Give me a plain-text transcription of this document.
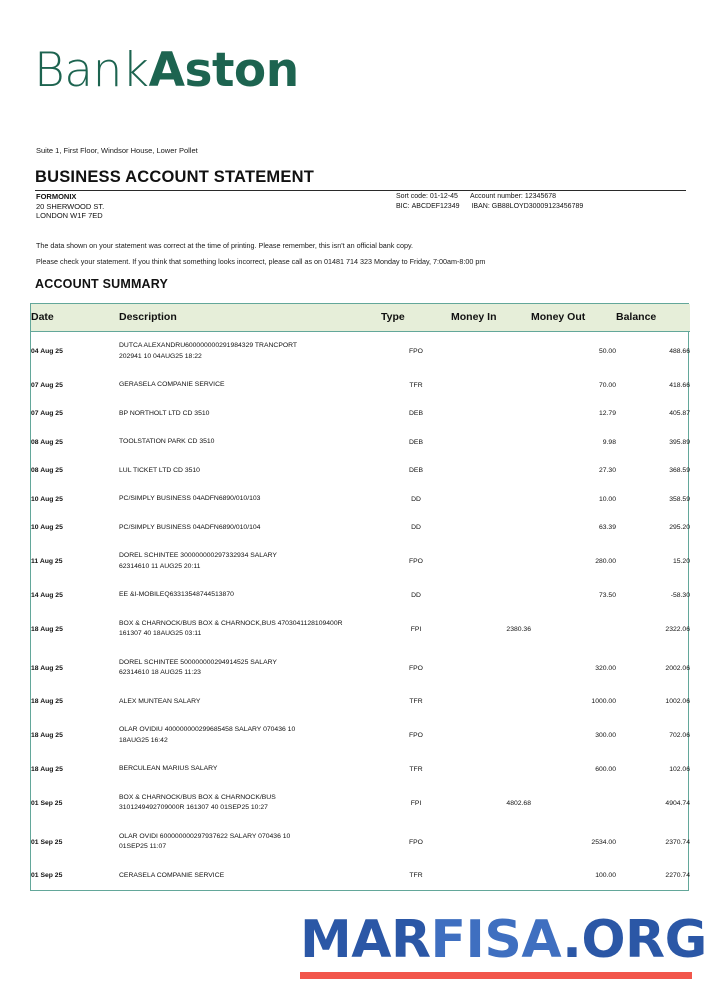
BankAston
Suite 1, First Floor, Windsor House, Lower Pollet
BUSINESS ACCOUNT STATEMENT
FORMONIX
20 SHERWOOD ST.
LONDON W1F 7ED
Sort code: 01-12-45 Account number: 12345678
BIC: ABCDEF12349 IBAN: GB88LOYD30009123456789
The data shown on your statement was correct at the time of printing. Please remember, this isn't an official bank copy.
Please check your statement. If you think that something looks incorrect, please call as on 01481 714 323 Monday to Friday, 7:00am-8:00 pm
ACCOUNT SUMMARY
Date	Description	Type	Money In	Money Out	Balance
04 Aug 25	DUTCA ALEXANDRU600000000291984329 TRANCPORT
202941 10 04AUG25 18:22	FPO		50.00	488.66
07 Aug 25	GERASELA COMPANIE SERVICE	TFR		70.00	418.66
07 Aug 25	BP NORTHOLT LTD CD 3510	DEB		12.79	405.87
08 Aug 25	TOOLSTATION PARK CD 3510	DEB		9.98	395.89
08 Aug 25	LUL TICKET LTD CD 3510	DEB		27.30	368.59
10 Aug 25	PC/SIMPLY BUSINESS 04ADFN6890/010/103	DD		10.00	358.59
10 Aug 25	PC/SIMPLY BUSINESS 04ADFN6890/010/104	DD		63.39	295.20
11 Aug 25	DOREL SCHINTEE 300000000297332934 SALARY
62314610 11 AUG25 20:11	FPO		280.00	15.20
14 Aug 25	EE &I-MOBILEQ63313548744513870	DD		73.50	-58.30
18 Aug 25	BOX & CHARNOCK/BUS BOX & CHARNOCK,BUS 4703041128109400R
161307 40 18AUG25 03:11	FPI	2380.36		2322.06
18 Aug 25	DOREL SCHINTEE 500000000294914525 SALARY
62314610 18 AUG25 11:23	FPO		320.00	2002.06
18 Aug 25	ALEX MUNTEAN SALARY	TFR		1000.00	1002.06
18 Aug 25	OLAR OVIDIU 400000000299685458 SALARY 070436 10
18AUG25 16:42	FPO		300.00	702.06
18 Aug 25	BERCULEAN MARIUS SALARY	TFR		600.00	102.06
01 Sep 25	BOX & CHARNOCK/BUS BOX & CHARNOCK/BUS
3101249492709000R 161307 40 01SEP25 10:27	FPI	4802.68		4904.74
01 Sep 25	OLAR OVIDI 600000000297937622 SALARY 070436 10
01SEP25 11:07	FPO		2534.00	2370.74
01 Sep 25	CERASELA COMPANIE SERVICE	TFR		100.00	2270.74
MARFISA.ORG
